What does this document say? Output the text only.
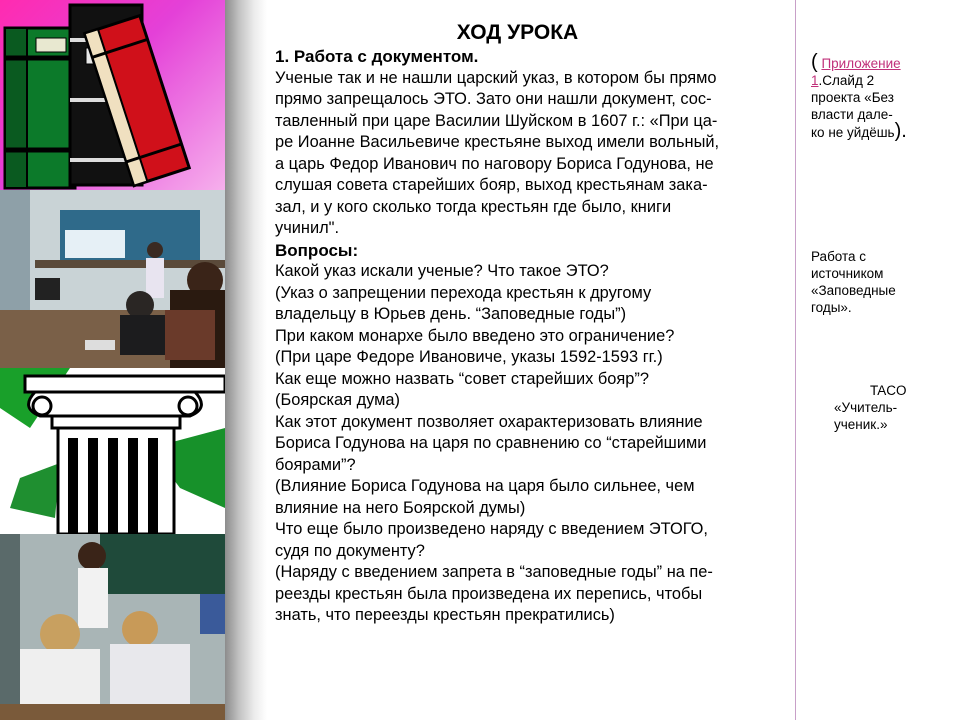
ХОД УРОКА
1. Работа с документом.

Ученые так и не нашли царский указ, в котором бы прямо

прямо запрещалось ЭТО. Зато они нашли документ, сос-

тавленный при царе Василии Шуйском в 1607 г.: «При ца-

ре Иоанне Васильевиче крестьяне выход имели вольный,

а царь Федор Иванович по наговору Бориса Годунова, не

слушая совета старейших бояр, выход крестьянам зака-

зал, и у кого сколько тогда крестьян где было, книги

учинил".

Вопросы:

Какой указ искали ученые? Что такое ЭТО?

(Указ о запрещении перехода крестьян к другому

владельцу в Юрьев день. “Заповедные годы”)

При каком монархе было введено это ограничение?

(При царе Федоре Ивановиче, указы 1592-1593 гг.)

Как еще можно назвать “совет старейших бояр”?

(Боярская дума)

Как этот документ позволяет охарактеризовать влияние

Бориса Годунова на царя по сравнению со “старейшими

боярами”?

(Влияние Бориса Годунова на царя было сильнее, чем

влияние на него Боярской думы)

Что еще было произведено наряду с введением ЭТОГО,

судя по документу?

(Наряду с введением запрета в “заповедные годы” на пе-

реезды крестьян была произведена их перепись, чтобы

знать, что переезды крестьян прекратились)

( Приложение
1.Слайд 2
проекта «Без
власти дале-
ко не уйдёшь).
Работа с
источником
«Заповедные
годы».
TACO
«Учитель-
ученик.»
